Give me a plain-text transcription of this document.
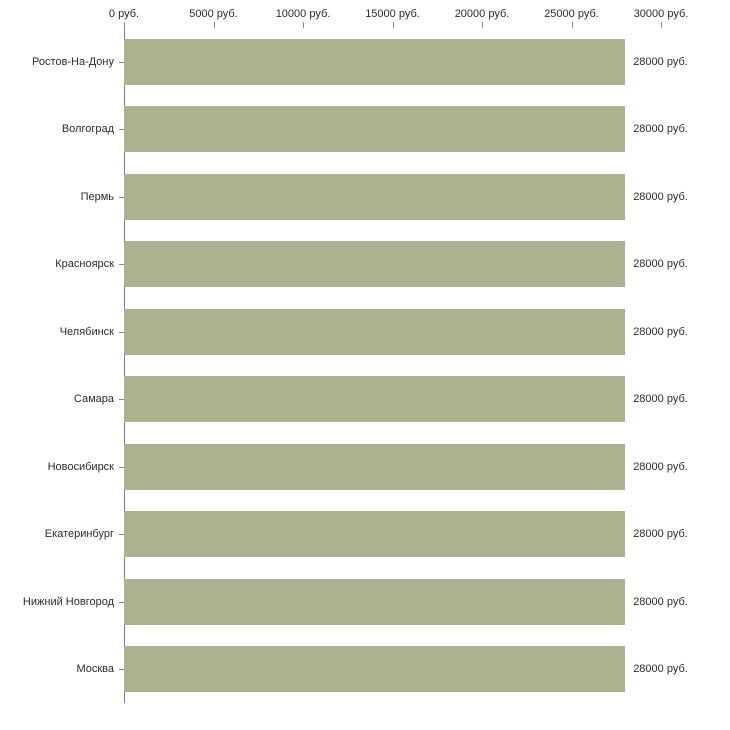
0 руб.	5000 руб.	10000 руб.	15000 руб.	20000 руб.	25000 руб.	30000 руб.
Ростов-На-Дону	28000 руб.
Волгоград	28000 руб.
Пермь	28000 руб.
Красноярск	28000 руб.
Челябинск	28000 руб.
Самара	28000 руб.
Новосибирск	28000 руб.
Екатеринбург	28000 руб.
Нижний Новгород	28000 руб.
Москва	28000 руб.
